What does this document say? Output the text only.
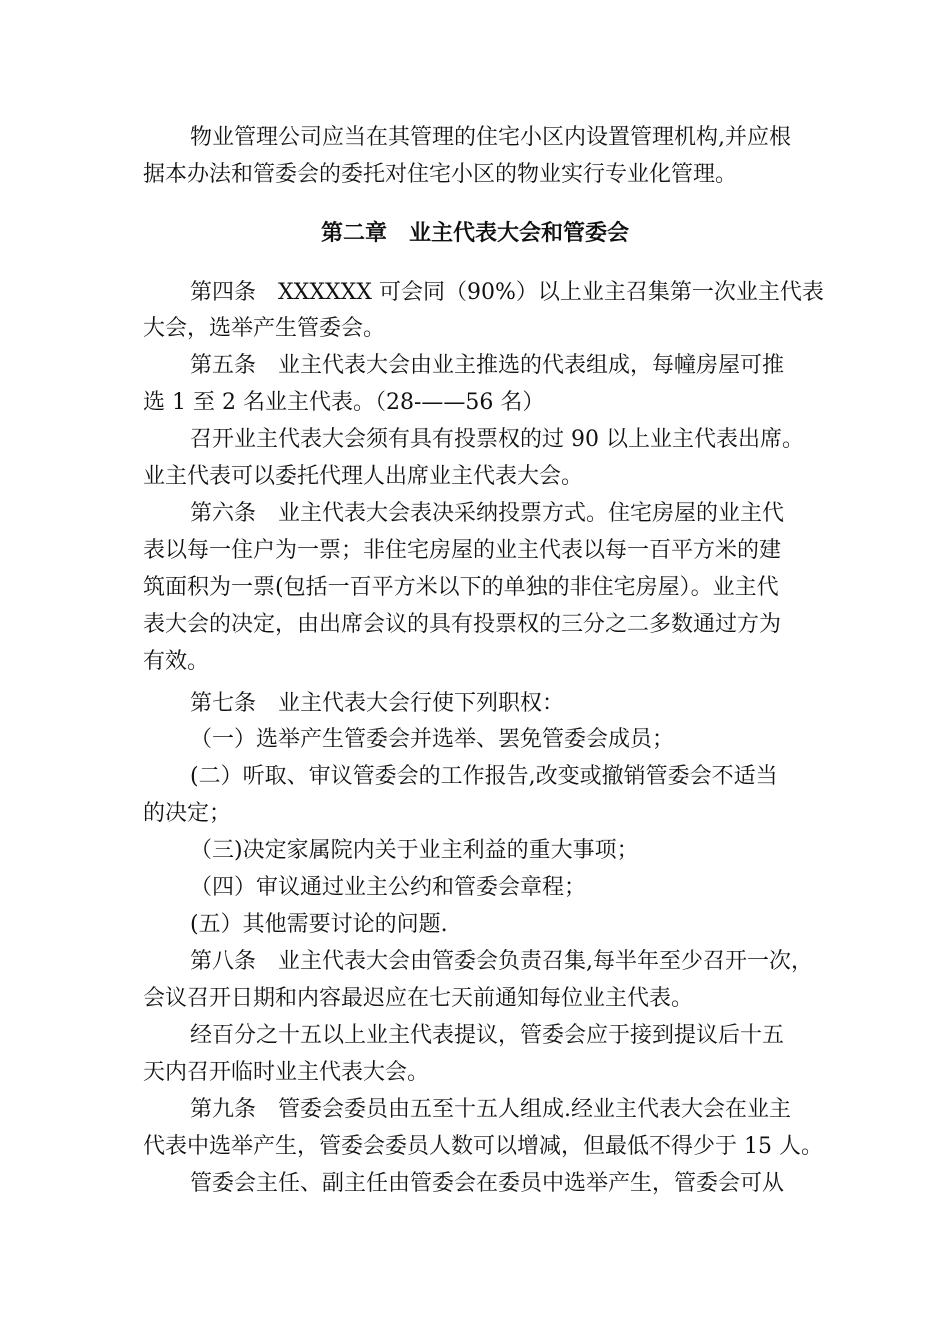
物业管理公司应当在其管理的住宅小区内设置管理机构,并应根
据本办法和管委会的委托对住宅小区的物业实行专业化管理。
第二章　业主代表大会和管委会
第四条　XXXXXX 可会同（90%）以上业主召集第一次业主代表
大会，选举产生管委会。
第五条　业主代表大会由业主推选的代表组成，每幢房屋可推
选 1 至 2 名业主代表。（28-——56 名）
召开业主代表大会须有具有投票权的过 90 以上业主代表出席。
业主代表可以委托代理人出席业主代表大会。
第六条　业主代表大会表决采纳投票方式。住宅房屋的业主代
表以每一住户为一票；非住宅房屋的业主代表以每一百平方米的建
筑面积为一票(包括一百平方米以下的单独的非住宅房屋）。业主代
表大会的决定，由出席会议的具有投票权的三分之二多数通过方为
有效。
第七条　业主代表大会行使下列职权：
（一）选举产生管委会并选举、罢免管委会成员；
(二）听取、审议管委会的工作报告,改变或撤销管委会不适当
的决定；
（三)决定家属院内关于业主利益的重大事项；
（四）审议通过业主公约和管委会章程；
(五）其他需要讨论的问题.
第八条　业主代表大会由管委会负责召集,每半年至少召开一次，
会议召开日期和内容最迟应在七天前通知每位业主代表。
经百分之十五以上业主代表提议，管委会应于接到提议后十五
天内召开临时业主代表大会。
第九条　管委会委员由五至十五人组成.经业主代表大会在业主
代表中选举产生，管委会委员人数可以增减，但最低不得少于 15 人。
管委会主任、副主任由管委会在委员中选举产生，管委会可从
